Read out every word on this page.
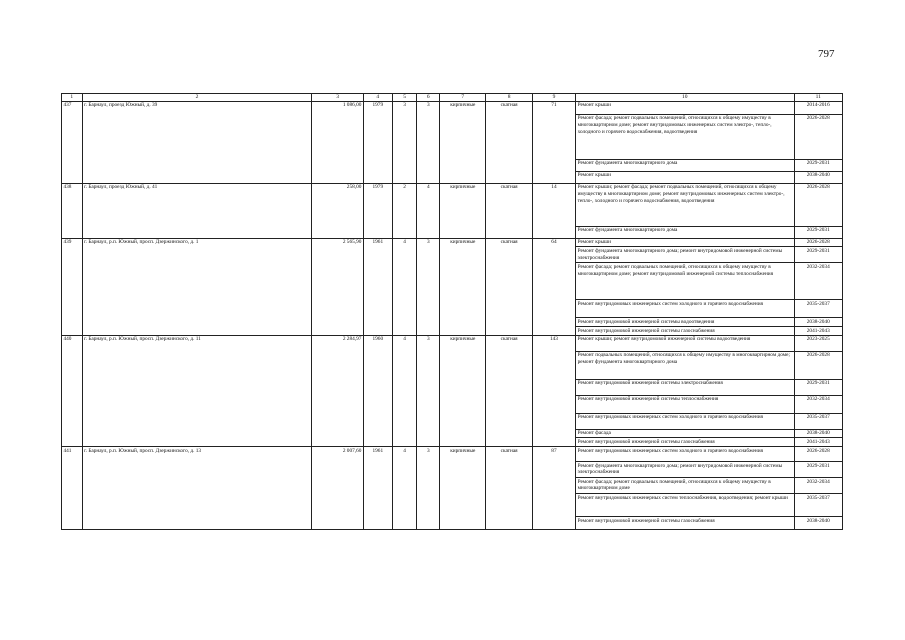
797
1	2	3	4	5	6	7	8	9	10	11
437	г. Барнаул, проезд Южный, д. 39	1 086,00	1979	3	3	кирпичные	скатная	71	Ремонт крыши	2014-2016
									Ремонт фасада; ремонт подвальных помещений, относящихся к общему имуществу в многоквартирном доме; ремонт внутридомовых инженерных систем электро-, тепло-, холодного и горячего водоснабжения, водоотведения	2026-2028
									Ремонт фундамента многоквартирного дома	2029-2031
									Ремонт крыши	2038-2040
438	г. Барнаул, проезд Южный, д. 41	258,00	1979	2	4	кирпичные	скатная	14	Ремонт крыши; ремонт фасада; ремонт подвальных помещений, относящихся к общему имуществу в многоквартирном доме; ремонт внутридомовых инженерных систем электро-, тепло-, холодного и горячего водоснабжения, водоотведения	2026-2028
									Ремонт фундамента многоквартирного дома	2029-2031
439	г. Барнаул, р.п. Южный, просп. Дзержинского, д. 1	2 565,90	1961	4	3	кирпичные	скатная	64	Ремонт крыши	2026-2028
									Ремонт фундамента многоквартирного дома; ремонт внутридомовой инженерной системы электроснабжения	2029-2031
									Ремонт фасада; ремонт подвальных помещений, относящихся к общему имуществу в многоквартирном доме; ремонт внутридомовой инженерной системы теплоснабжения	2032-2034
									Ремонт внутридомовых инженерных систем холодного и горячего водоснабжения	2035-2037
									Ремонт внутридомовой инженерной системы водоотведения	2038-2040
									Ремонт внутридомовой инженерной системы газоснабжения	2041-2043
440	г. Барнаул, р.п. Южный, просп. Дзержинского, д. 11	2 284,97	1960	4	3	кирпичные	скатная	143	Ремонт крыши; ремонт внутридомовой инженерной системы водоотведения	2023-2025
									Ремонт подвальных помещений, относящихся к общему имуществу в многоквартирном доме; ремонт фундамента многоквартирного дома	2026-2028
									Ремонт внутридомовой инженерной системы электроснабжения	2029-2031
									Ремонт внутридомовой инженерной системы теплоснабжения	2032-2034
									Ремонт внутридомовых инженерных систем холодного и горячего водоснабжения	2035-2037
									Ремонт фасада	2038-2040
									Ремонт внутридомовой инженерной системы газоснабжения	2041-2043
441	г. Барнаул, р.п. Южный, просп. Дзержинского, д. 13	2 007,60	1961	4	3	кирпичные	скатная	87	Ремонт внутридомовых инженерных систем холодного и горячего водоснабжения	2026-2028
									Ремонт фундамента многоквартирного дома; ремонт внутридомовой инженерной системы электроснабжения	2029-2031
									Ремонт фасада; ремонт подвальных помещений, относящихся к общему имуществу в многоквартирном доме	2032-2034
									Ремонт внутридомовых инженерных систем теплоснабжения, водоотведения; ремонт крыши	2035-2037
									Ремонт внутридомовой инженерной системы газоснабжения	2038-2040
